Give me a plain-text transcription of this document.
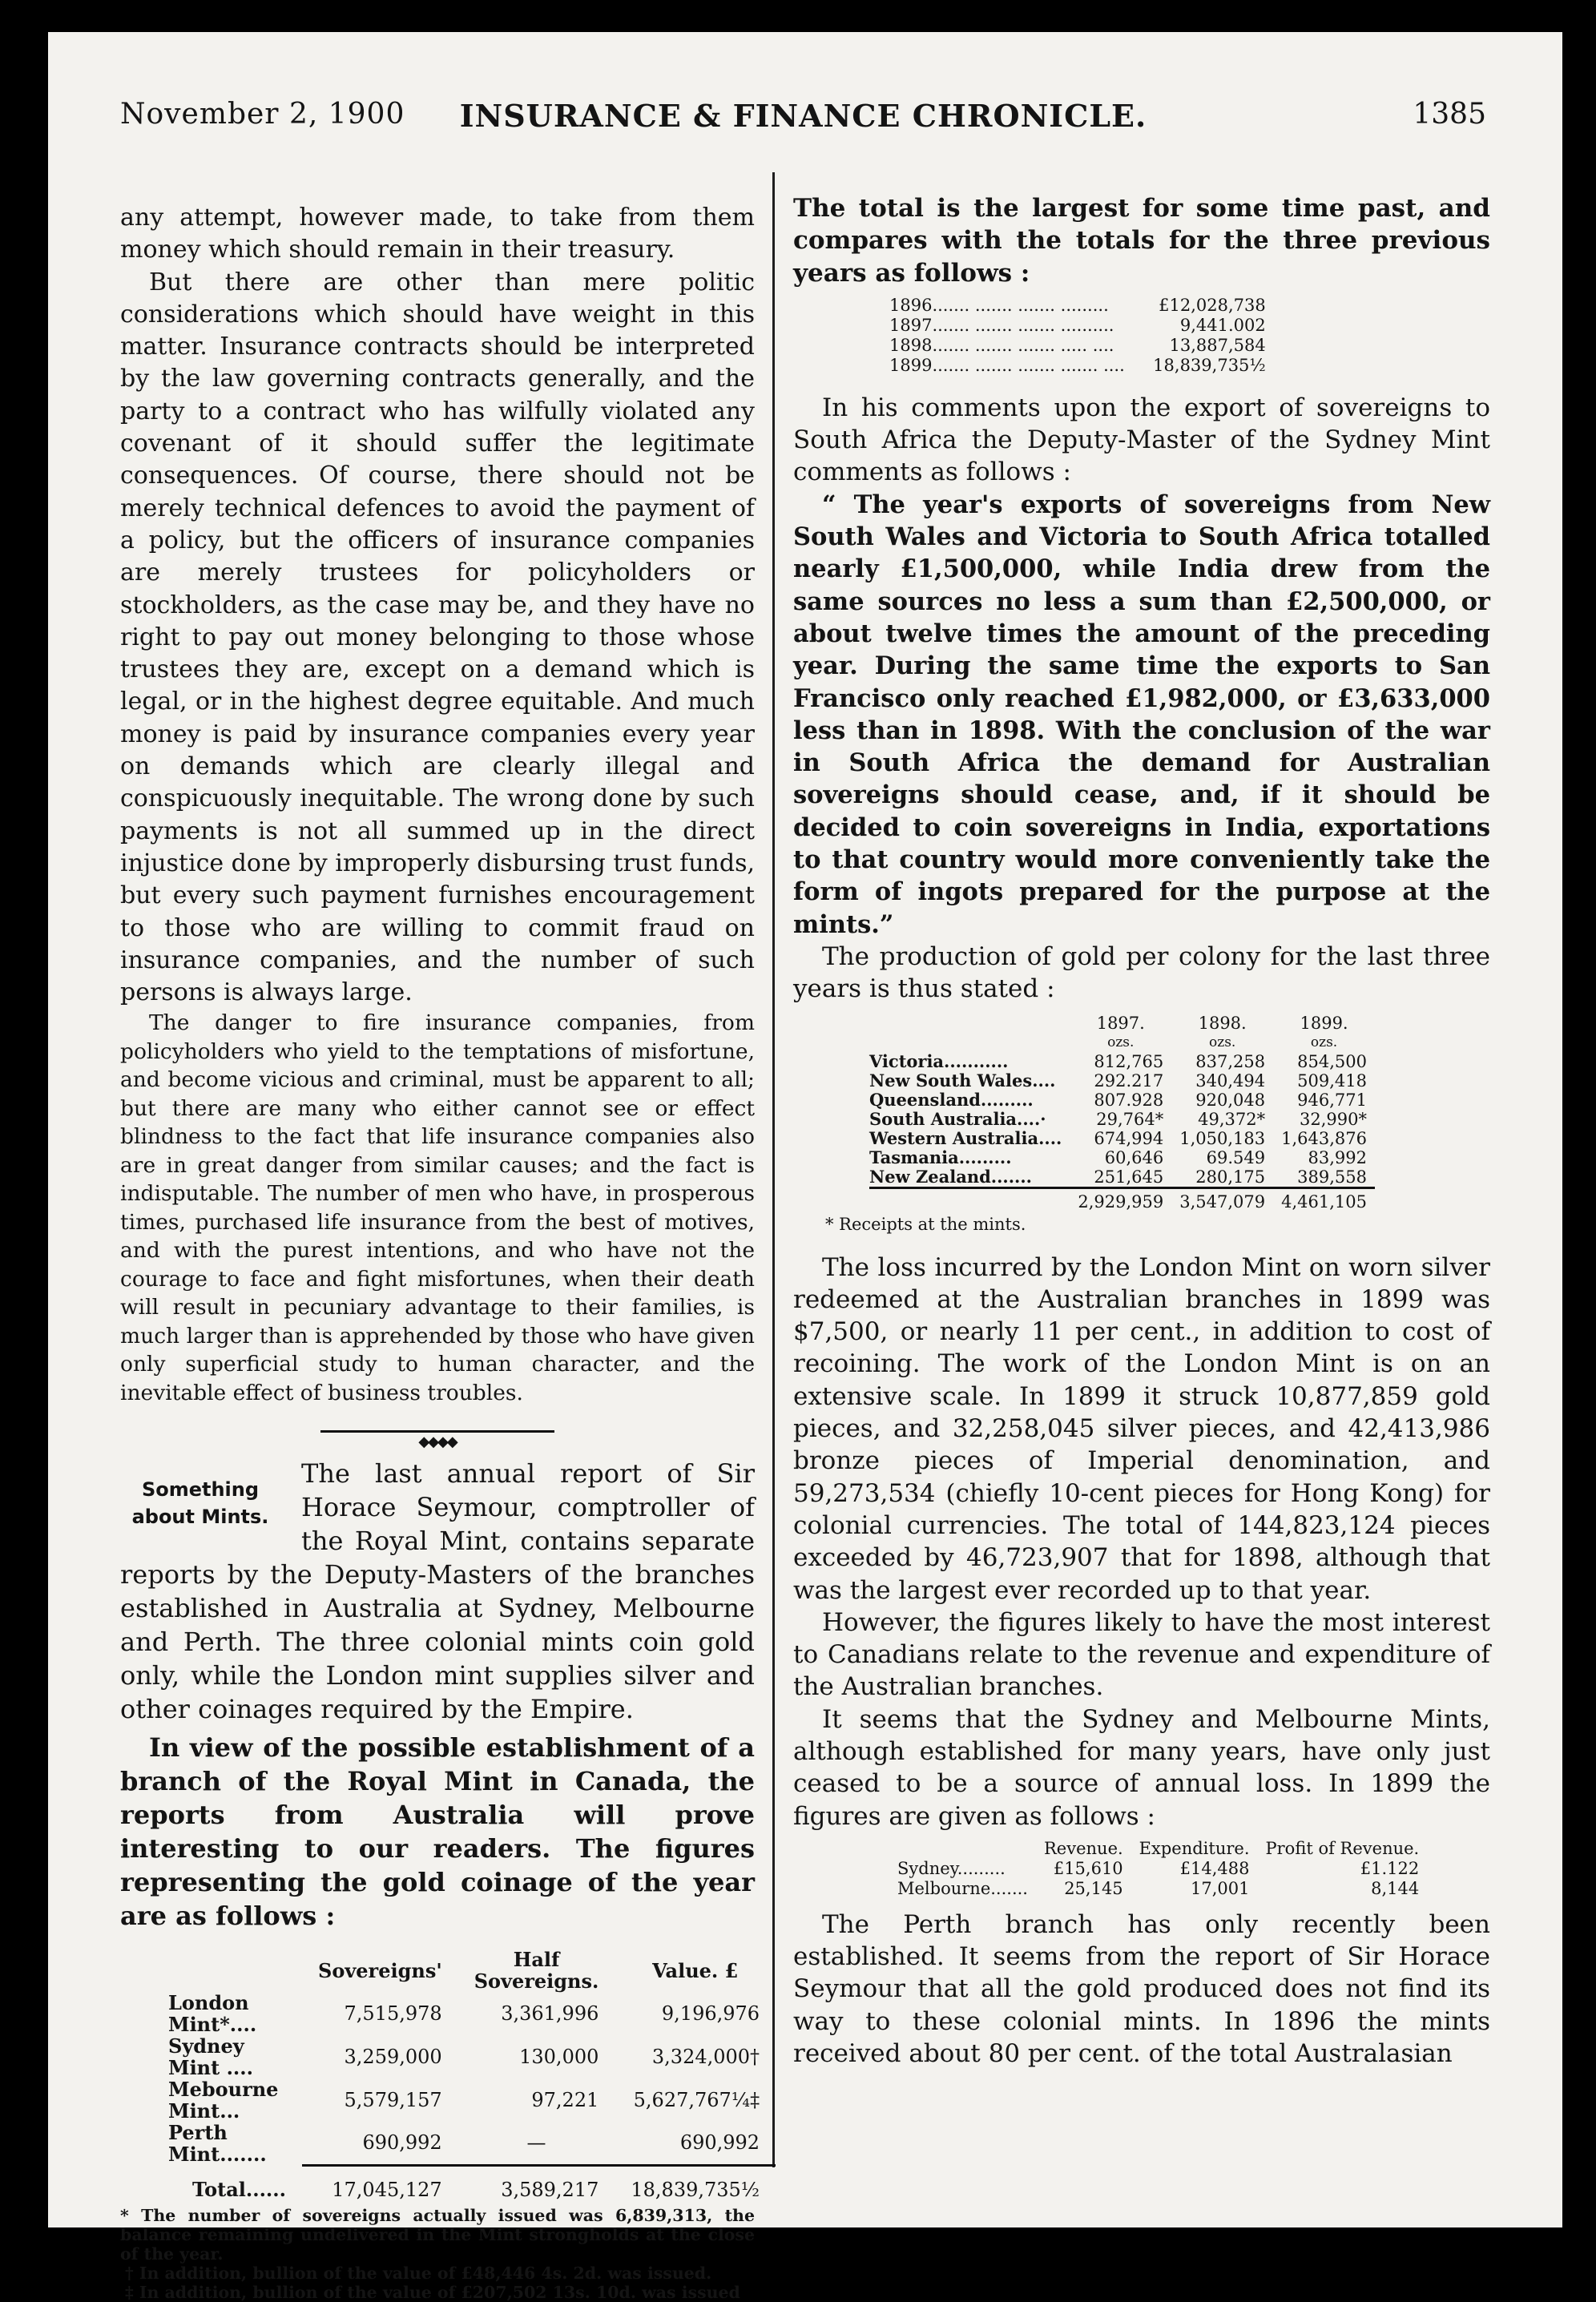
November 2, 1900	INSURANCE & FINANCE CHRONICLE.	1385

any attempt, however made, to take from them money which should remain in their treasury.

But there are other than mere politic considerations which should have weight in this matter. Insurance contracts should be interpreted by the law governing contracts generally, and the party to a contract who has wilfully violated any covenant of it should suffer the legitimate consequences. Of course, there should not be merely technical defences to avoid the payment of a policy, but the officers of insurance companies are merely trustees for policyholders or stockholders, as the case may be, and they have no right to pay out money belonging to those whose trustees they are, except on a demand which is legal, or in the highest degree equitable. And much money is paid by insurance companies every year on demands which are clearly illegal and conspicuously inequitable. The wrong done by such payments is not all summed up in the direct injustice done by improperly disbursing trust funds, but every such payment furnishes encouragement to those who are willing to commit fraud on insurance companies, and the number of such persons is always large.

The danger to fire insurance companies, from policyholders who yield to the temptations of misfortune, and become vicious and criminal, must be apparent to all; but there are many who either cannot see or effect blindness to the fact that life insurance companies also are in great danger from similar causes; and the fact is indisputable. The number of men who have, in prosperous times, purchased life insurance from the best of motives, and with the purest intentions, and who have not the courage to face and fight misfortunes, when their death will result in pecuniary advantage to their families, is much larger than is apprehended by those who have given only superficial study to human character, and the inevitable effect of business troubles.

◆◆◆◆
Something about Mints.

The last annual report of Sir Horace Seymour, comptroller of the Royal Mint, contains separate reports by the Deputy-Masters of the branches established in Australia at Sydney, Melbourne and Perth. The three colonial mints coin gold only, while the London mint supplies silver and other coinages required by the Empire.

In view of the possible establishment of a branch of the Royal Mint in Canada, the reports from Australia will prove interesting to our readers. The figures representing the gold coinage of the year are as follows :

	Sovereigns'	Half Sovereigns.	Value. £
London Mint*....	7,515,978	3,361,996	9,196,976
Sydney Mint ....	3,259,000	130,000	3,324,000†
Mebourne Mint...	5,579,157	97,221	5,627,767¼‡
Perth Mint.......	690,992	—	690,992
Total......	17,045,127	3,589,217	18,839,735½
* The number of sovereigns actually issued was 6,839,313, the balance remaining undelivered in the Mint strongholds at the close of the year.
† In addition, bullion of the value of £48,446 4s. 2d. was issued.
‡ In addition, bullion of the value of £207,502 13s. 10d. was issued

The total is the largest for some time past, and compares with the totals for the three previous years as follows :

1896	....... ....... ....... .........	£12,028,738
1897	....... ....... ....... ..........	9,441.002
1898	....... ....... ....... ..... ....	13,887,584
1899	....... ....... ....... ....... ....	18,839,735½

In his comments upon the export of sovereigns to South Africa the Deputy-Master of the Sydney Mint comments as follows :

“ The year's exports of sovereigns from New South Wales and Victoria to South Africa totalled nearly £1,500,000, while India drew from the same sources no less a sum than £2,500,000, or about twelve times the amount of the preceding year. During the same time the exports to San Francisco only reached £1,982,000, or £3,633,000 less than in 1898. With the conclusion of the war in South Africa the demand for Australian sovereigns should cease, and, if it should be decided to coin sovereigns in India, exportations to that country would more conveniently take the form of ingots prepared for the purpose at the mints.”

The production of gold per colony for the last three years is thus stated :

	1897.	1898.	1899.
	ozs.	ozs.	ozs.
Victoria...........	812,765	837,258	854,500
New South Wales....	292.217	340,494	509,418
Queensland.........	807.928	920,048	946,771
South Australia....·	29,764*	49,372*	32,990*
Western Australia....	674,994	1,050,183	1,643,876
Tasmania.........	60,646	69.549	83,992
New Zealand.......	251,645	280,175	389,558
	2,929,959	3,547,079	4,461,105
* Receipts at the mints.

The loss incurred by the London Mint on worn silver redeemed at the Australian branches in 1899 was $7,500, or nearly 11 per cent., in addition to cost of recoining. The work of the London Mint is on an extensive scale. In 1899 it struck 10,877,859 gold pieces, and 32,258,045 silver pieces, and 42,413,986 bronze pieces of Imperial denomination, and 59,273,534 (chiefly 10-cent pieces for Hong Kong) for colonial currencies. The total of 144,823,124 pieces exceeded by 46,723,907 that for 1898, although that was the largest ever recorded up to that year.

However, the figures likely to have the most interest to Canadians relate to the revenue and expenditure of the Australian branches.

It seems that the Sydney and Melbourne Mints, although established for many years, have only just ceased to be a source of annual loss. In 1899 the figures are given as follows :

	Revenue.	Expenditure.	Profit of Revenue.
Sydney.........	£15,610	£14,488	£1.122
Melbourne.......	25,145	17,001	8,144

The Perth branch has only recently been established. It seems from the report of Sir Horace Seymour that all the gold produced does not find its way to these colonial mints. In 1896 the mints received about 80 per cent. of the total Australasian
